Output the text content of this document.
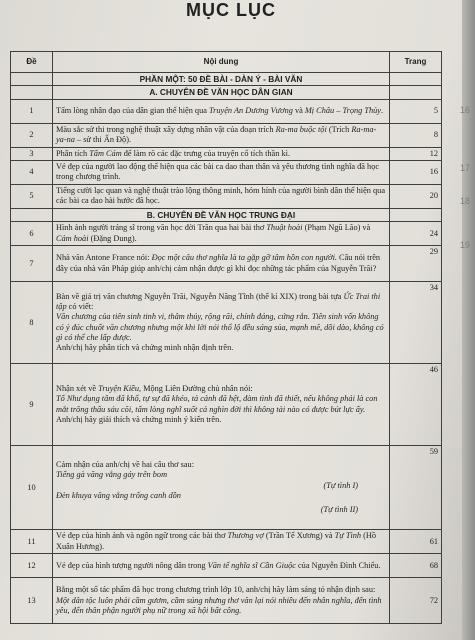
MỤC LỤC
Đề	Nội dung	Trang
	PHẦN MỘT: 50 ĐỀ BÀI - DÀN Ý - BÀI VĂN	
	A. CHUYÊN ĐỀ VĂN HỌC DÂN GIAN	
1	Tấm lòng nhân đạo của dân gian thể hiện qua Truyện An Dương Vương và Mị Châu – Trọng Thủy.	5
2	Màu sắc sử thi trong nghệ thuật xây dựng nhân vật của đoạn trích Ra-ma buộc tội (Trích Ra-ma-ya-na – sử thi Ấn Độ).	8
3	Phân tích Tấm Cám để làm rõ các đặc trưng của truyện cổ tích thần kì.	12
4	Vẻ đẹp của người lao động thể hiện qua các bài ca dao than thân và yêu thương tình nghĩa đã học trong chương trình.	16
5	Tiếng cười lạc quan và nghệ thuật trào lộng thông minh, hóm hỉnh của người bình dân thể hiện qua các bài ca dao hài hước đã học.	20
	B. CHUYÊN ĐỀ VĂN HỌC TRUNG ĐẠI	
6	Hình ảnh người tráng sĩ trong văn học đời Trần qua hai bài thơ Thuật hoài (Phạm Ngũ Lão) và Cảm hoài (Đặng Dung).	24
7	Nhà văn Antone France nói: Đọc một câu thơ nghĩa là ta gặp gỡ tâm hồn con người. Câu nói trên đây của nhà văn Pháp giúp anh/chị cảm nhận được gì khi đọc những tác phẩm của Nguyễn Trãi?	29
8	Bàn về giá trị văn chương Nguyễn Trãi, Nguyễn Năng Tĩnh (thế kỉ XIX) trong bài tựa Ức Trai thi tập có viết:
Văn chương của tiên sinh tinh vi, thâm thúy, rộng rãi, chính đáng, cứng rắn. Tiên sinh vốn không có ý đúc chuốt văn chương nhưng một khi lời nói thổ lộ đều sáng sủa, mạnh mẽ, dồi dào, không có gì có thể che lấp được.
Anh/chị hãy phân tích và chứng minh nhận định trên.	34
9	Nhận xét về Truyện Kiều, Mộng Liên Đường chủ nhân nói:
Tố Như dụng tâm đã khổ, tự sự đã khéo, tả cảnh đã hệt, đàm tình đã thiết, nếu không phải là con mắt trông thấu sáu cõi, tấm lòng nghĩ suốt cả nghìn đời thì không tài nào có được bút lực ấy.
Anh/chị hãy giải thích và chứng minh ý kiến trên.	46
10	Cảm nhận của anh/chị về hai câu thơ sau:
Tiếng gà văng vẳng gáy trên bom
(Tự tình I)
Đèn khuya văng vẳng trống canh dồn
(Tự tình II)	59
11	Vẻ đẹp của hình ảnh và ngôn ngữ trong các bài thơ Thương vợ (Trần Tế Xương) và Tự Tình (Hồ Xuân Hương).	61
12	Vẻ đẹp của hình tượng người nông dân trong Văn tế nghĩa sĩ Cần Giuộc của Nguyễn Đình Chiểu.	68
13	Bằng một số tác phẩm đã học trong chương trình lớp 10, anh/chị hãy làm sáng tỏ nhận định sau: Một dân tộc luôn phải cầm gươm, cầm súng nhưng thơ văn lại nói nhiều đến nhân nghĩa, đến tình yêu, đến thân phận người phụ nữ trong xã hội bất công.	72
16
18
17
19
